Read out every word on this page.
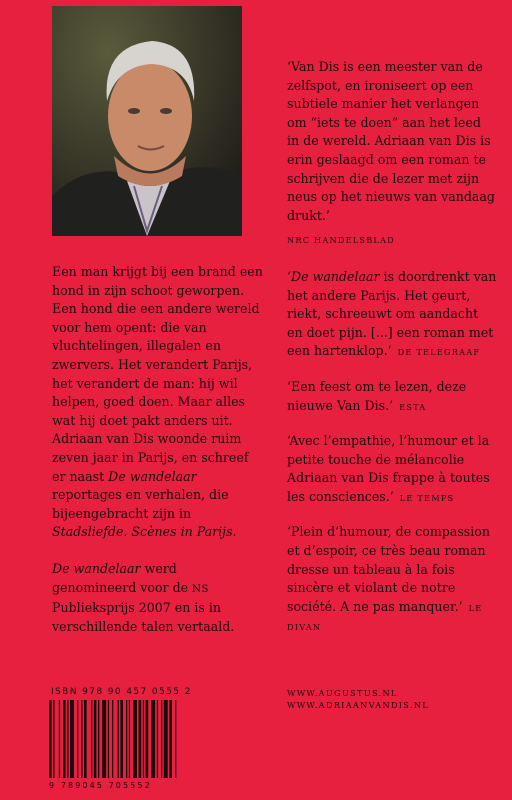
‘Van Dis is een meester van de zelfspot, en ironiseert op een subtiele manier het verlangen om “iets te doen” aan het leed in de wereld. Adriaan van Dis is erin geslaagd om een roman te schrijven die de lezer met zijn neus op het nieuws van vandaag drukt.’

NRC HANDELSBLAD

‘De wandelaar is doordrenkt van het andere Parijs. Het geurt, riekt, schreeuwt om aandacht en doet pijn. [...] een roman met een hartenklop.’ DE TELEGRAAF

‘Een feest om te lezen, deze nieuwe Van Dis.’ ESTA

‘Avec l’empathie, l’humour et la petite touche de mélancolie Adriaan van Dis frappe à toutes les consciences.’ LE TEMPS

‘Plein d’humour, de compassion et d’espoir, ce très beau roman dresse un tableau à la fois sincère et violant de notre société. A ne pas manquer.’ LE DIVAN

Een man krijgt bij een brand een hond in zijn schoot geworpen. Een hond die een andere wereld voor hem opent: die van vluchtelingen, illegalen en zwervers. Het verandert Parijs, het verandert de man: hij wil helpen, goed doen. Maar alles wat hij doet pakt anders uit.
Adriaan van Dis woonde ruim zeven jaar in Parijs, en schreef er naast De wandelaar reportages en verhalen, die bijeengebracht zijn in Stadsliefde. Scènes in Parijs.

De wandelaar werd genomineerd voor de NS Publieksprijs 2007 en is in verschillende talen vertaald.

ISBN 978 90 457 0555 2
9 789045 705552
WWW.AUGUSTUS.NL
WWW.ADRIAANVANDIS.NL
